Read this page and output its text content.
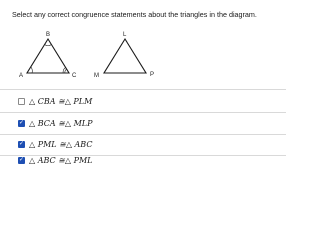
Select any correct congruence statements about the triangles in the diagram.
B
A	C
L
M	P
△ CBA ≅△ PLM
✓ △ BCA ≅△ MLP
✓ △ PML ≅△ ABC
✓ △ ABC ≅△ PML
